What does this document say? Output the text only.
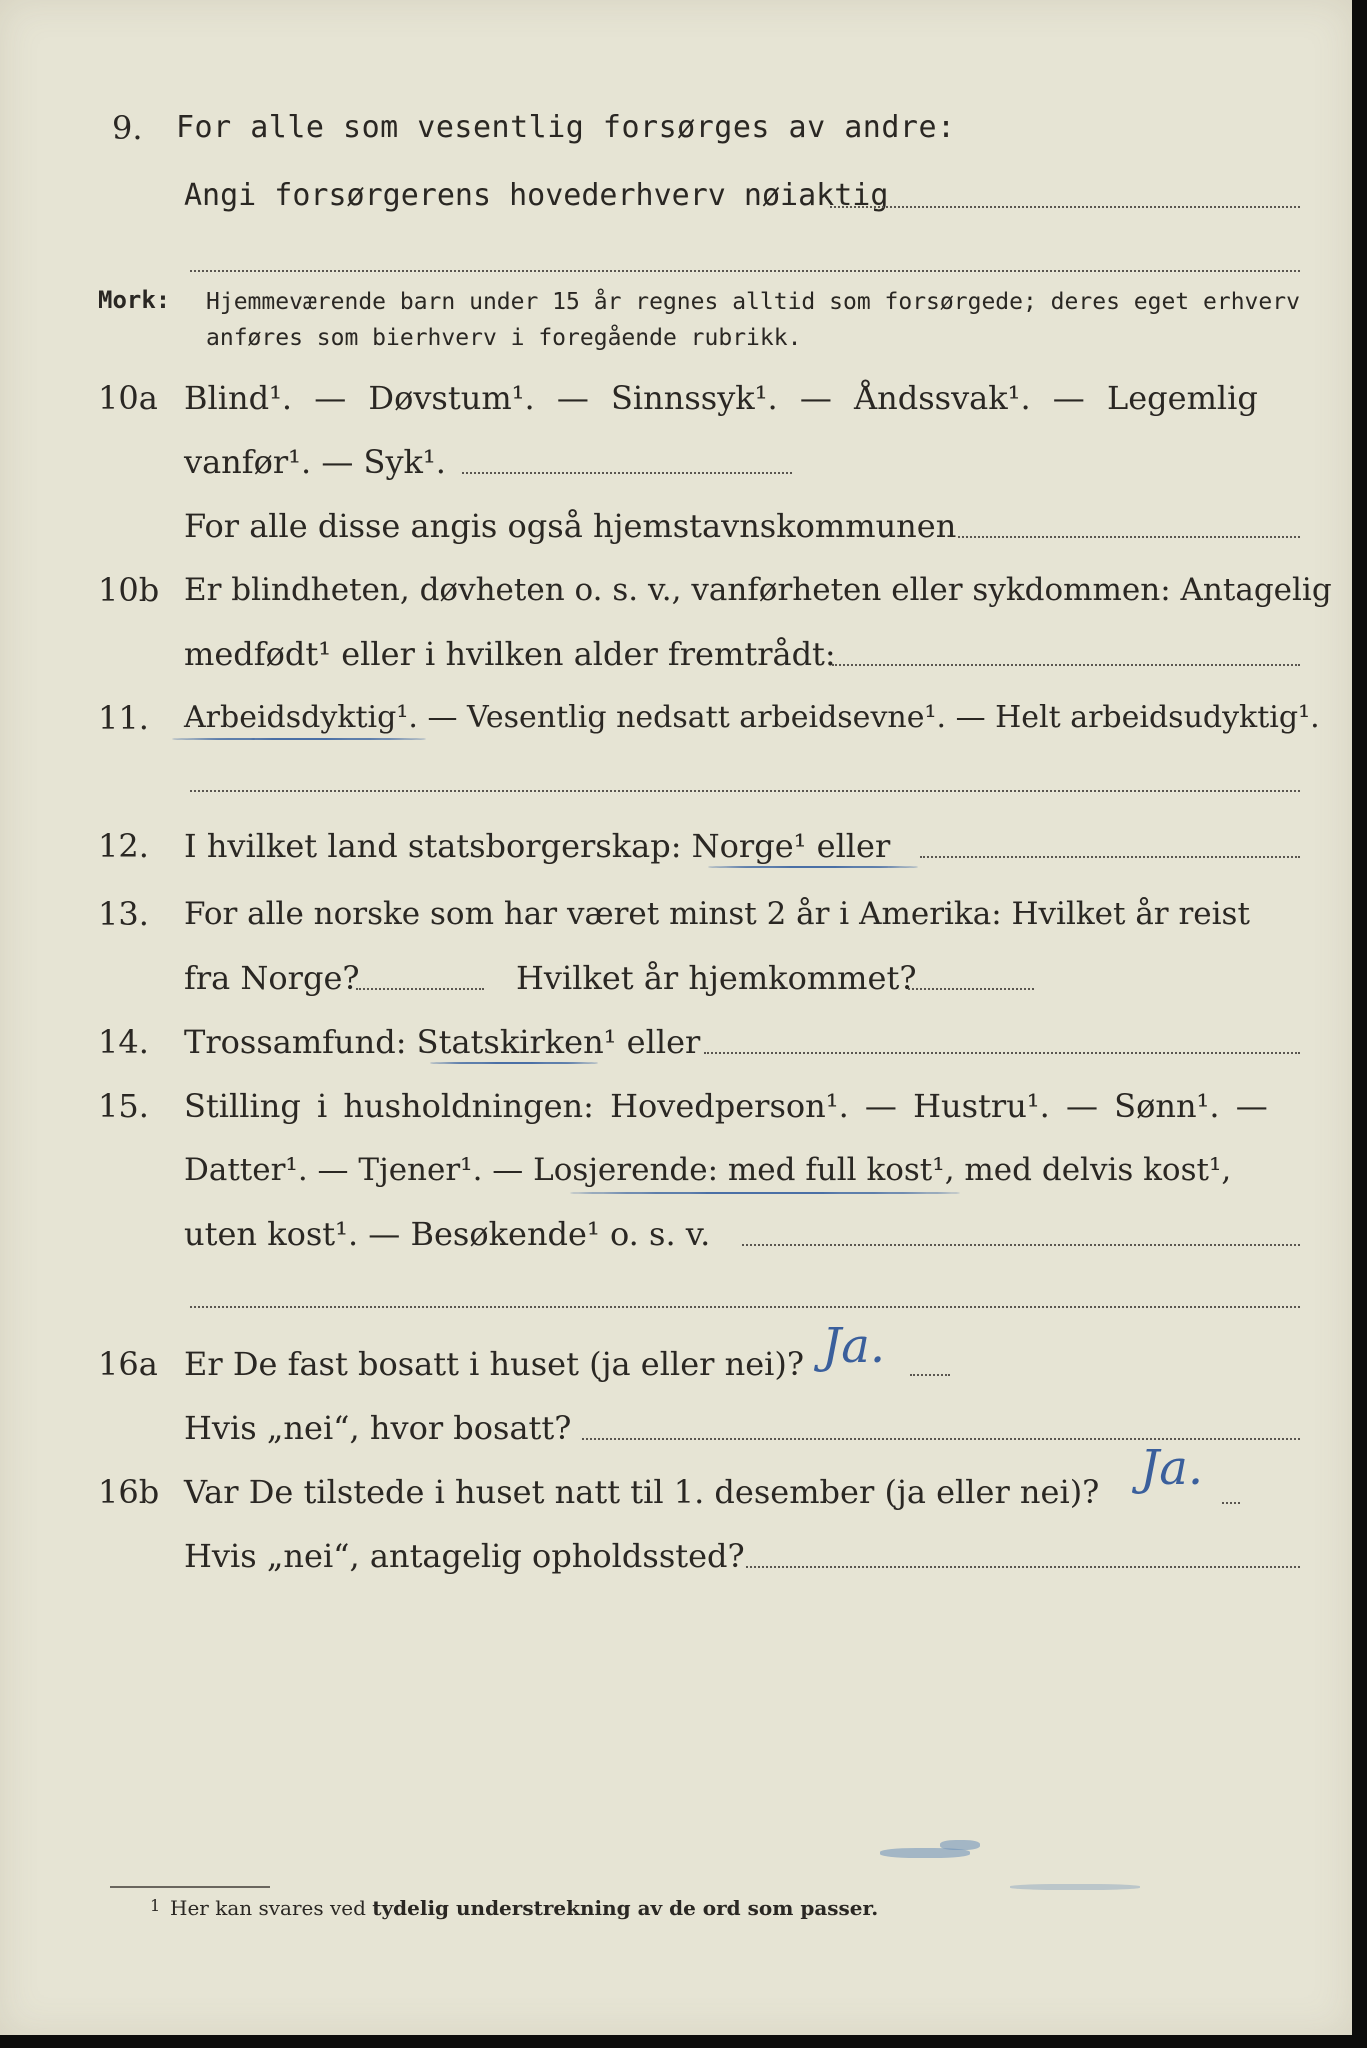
9. For alle som vesentlig forsørges av andre:
Angi forsørgerens hovederhverv nøiaktig
Mork: Hjemmeværende barn under 15 år regnes alltid som forsørgede; deres eget erhverv
anføres som bierhverv i foregående rubrikk.
10a Blind¹. — Døvstum¹. — Sinnssyk¹. — Åndssvak¹. — Legemlig
vanfør¹. — Syk¹.
For alle disse angis også hjemstavnskommunen
10b Er blindheten, døvheten o. s. v., vanførheten eller sykdommen: Antagelig
medfødt¹ eller i hvilken alder fremtrådt:
11. Arbeidsdyktig¹. — Vesentlig nedsatt arbeidsevne¹. — Helt arbeidsudyktig¹.
12. I hvilket land statsborgerskap: Norge¹ eller
13. For alle norske som har været minst 2 år i Amerika: Hvilket år reist
fra Norge?	Hvilket år hjemkommet?
14. Trossamfund: Statskirken¹ eller
15. Stilling i husholdningen: Hovedperson¹. — Hustru¹. — Sønn¹. —
Datter¹. — Tjener¹. — Losjerende: med full kost¹, med delvis kost¹,
uten kost¹. — Besøkende¹ o. s. v.
16a Er De fast bosatt i huset (ja eller nei)? Ja.
Hvis „nei“, hvor bosatt?
16b Var De tilstede i huset natt til 1. desember (ja eller nei)? Ja.
Hvis „nei“, antagelig opholdssted?
1 Her kan svares ved tydelig understrekning av de ord som passer.
